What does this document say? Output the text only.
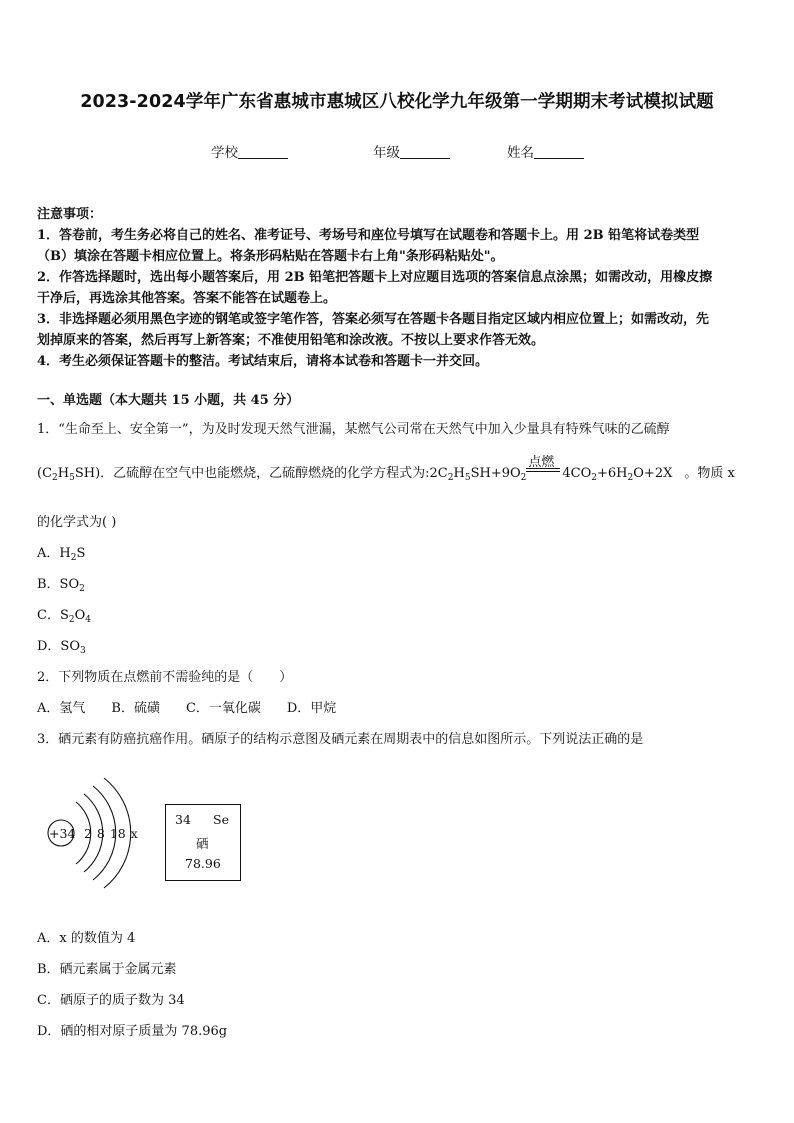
2023-2024学年广东省惠城市惠城区八校化学九年级第一学期期末考试模拟试题
学校	年级	姓名
注意事项：
1．答卷前，考生务必将自己的姓名、准考证号、考场号和座位号填写在试题卷和答题卡上。用 2B 铅笔将试卷类型
（B）填涂在答题卡相应位置上。将条形码粘贴在答题卡右上角"条形码粘贴处"。
2．作答选择题时，选出每小题答案后，用 2B 铅笔把答题卡上对应题目选项的答案信息点涂黑；如需改动，用橡皮擦
干净后，再选涂其他答案。答案不能答在试题卷上。
3．非选择题必须用黑色字迹的钢笔或签字笔作答，答案必须写在答题卡各题目指定区域内相应位置上；如需改动，先
划掉原来的答案，然后再写上新答案；不准使用铅笔和涂改液。不按以上要求作答无效。
4．考生必须保证答题卡的整洁。考试结束后，请将本试卷和答题卡一并交回。
一、单选题（本大题共 15 小题，共 45 分）
1．“生命至上、安全第一”，为及时发现天然气泄漏，某燃气公司常在天然气中加入少量具有特殊气味的乙硫醇
$(C_2H_5SH)$．乙硫醇在空气中也能燃烧，乙硫醇燃烧的化学方程式为$:2C_2H_5SH+9O_2$
点燃
$4CO_2+6H_2O+2X$ 。物质 x
的化学式为( )
A．$H_2S$
B．$SO_2$
C．$S_2O_4$
D．$SO_3$
2．下列物质在点燃前不需验纯的是（　　）
A．氢气　　B．硫磺　　C．一氧化碳　　D．甲烷
3．硒元素有防癌抗癌作用。硒原子的结构示意图及硒元素在周期表中的信息如图所示。下列说法正确的是
+34 2 8 18 x
34 Se
硒
78.96
A．x 的数值为 4
B．硒元素属于金属元素
C．硒原子的质子数为 34
D．硒的相对原子质量为 78.96g
